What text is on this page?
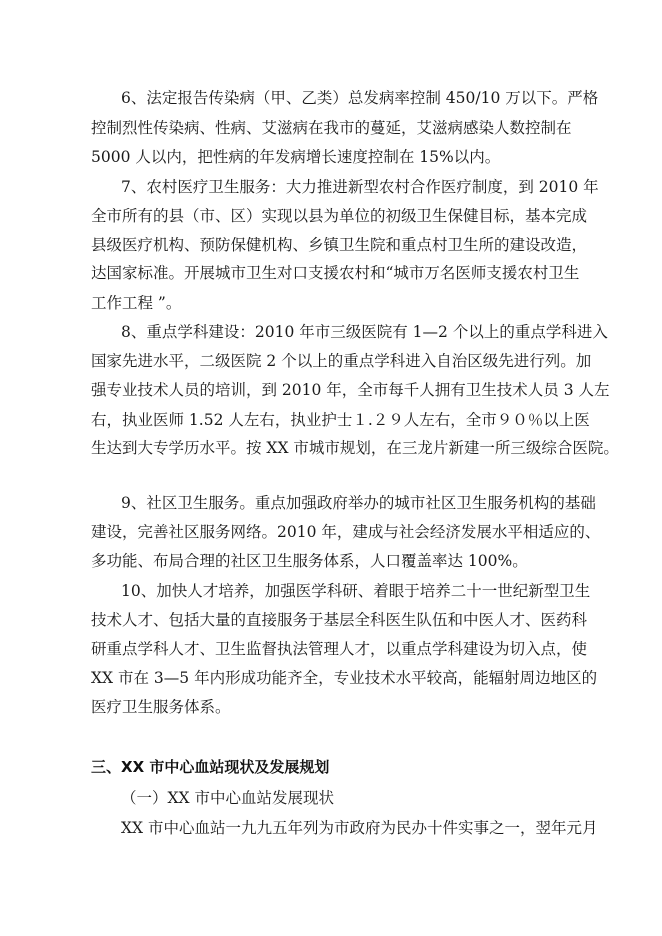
6、法定报告传染病（甲、乙类）总发病率控制 450/10 万以下。严格

控制烈性传染病、性病、艾滋病在我市的蔓延，艾滋病感染人数控制在

5000 人以内，把性病的年发病增长速度控制在 15%以内。

7、农村医疗卫生服务：大力推进新型农村合作医疗制度，到 2010 年

全市所有的县（市、区）实现以县为单位的初级卫生保健目标，基本完成

县级医疗机构、预防保健机构、乡镇卫生院和重点村卫生所的建设改造，

达国家标准。开展城市卫生对口支援农村和“城市万名医师支援农村卫生

工作工程 ”。

8、重点学科建设：2010 年市三级医院有 1—2 个以上的重点学科进入

国家先进水平，二级医院 2 个以上的重点学科进入自治区级先进行列。加

强专业技术人员的培训，到 2010 年，全市每千人拥有卫生技术人员 3 人左

右，执业医师 1.52 人左右，执业护士１.２９人左右，全市９０％以上医

生达到大专学历水平。按 XX 市城市规划，在三龙片新建一所三级综合医院。

9、社区卫生服务。重点加强政府举办的城市社区卫生服务机构的基础

建设，完善社区服务网络。2010 年，建成与社会经济发展水平相适应的、

多功能、布局合理的社区卫生服务体系，人口覆盖率达 100%。

10、加快人才培养，加强医学科研、着眼于培养二十一世纪新型卫生

技术人才、包括大量的直接服务于基层全科医生队伍和中医人才、医药科

研重点学科人才、卫生监督执法管理人才，以重点学科建设为切入点，使

XX 市在 3—5 年内形成功能齐全，专业技术水平较高，能辐射周边地区的

医疗卫生服务体系。

三、XX 市中心血站现状及发展规划

（一）XX 市中心血站发展现状

XX 市中心血站一九九五年列为市政府为民办十件实事之一，翌年元月
